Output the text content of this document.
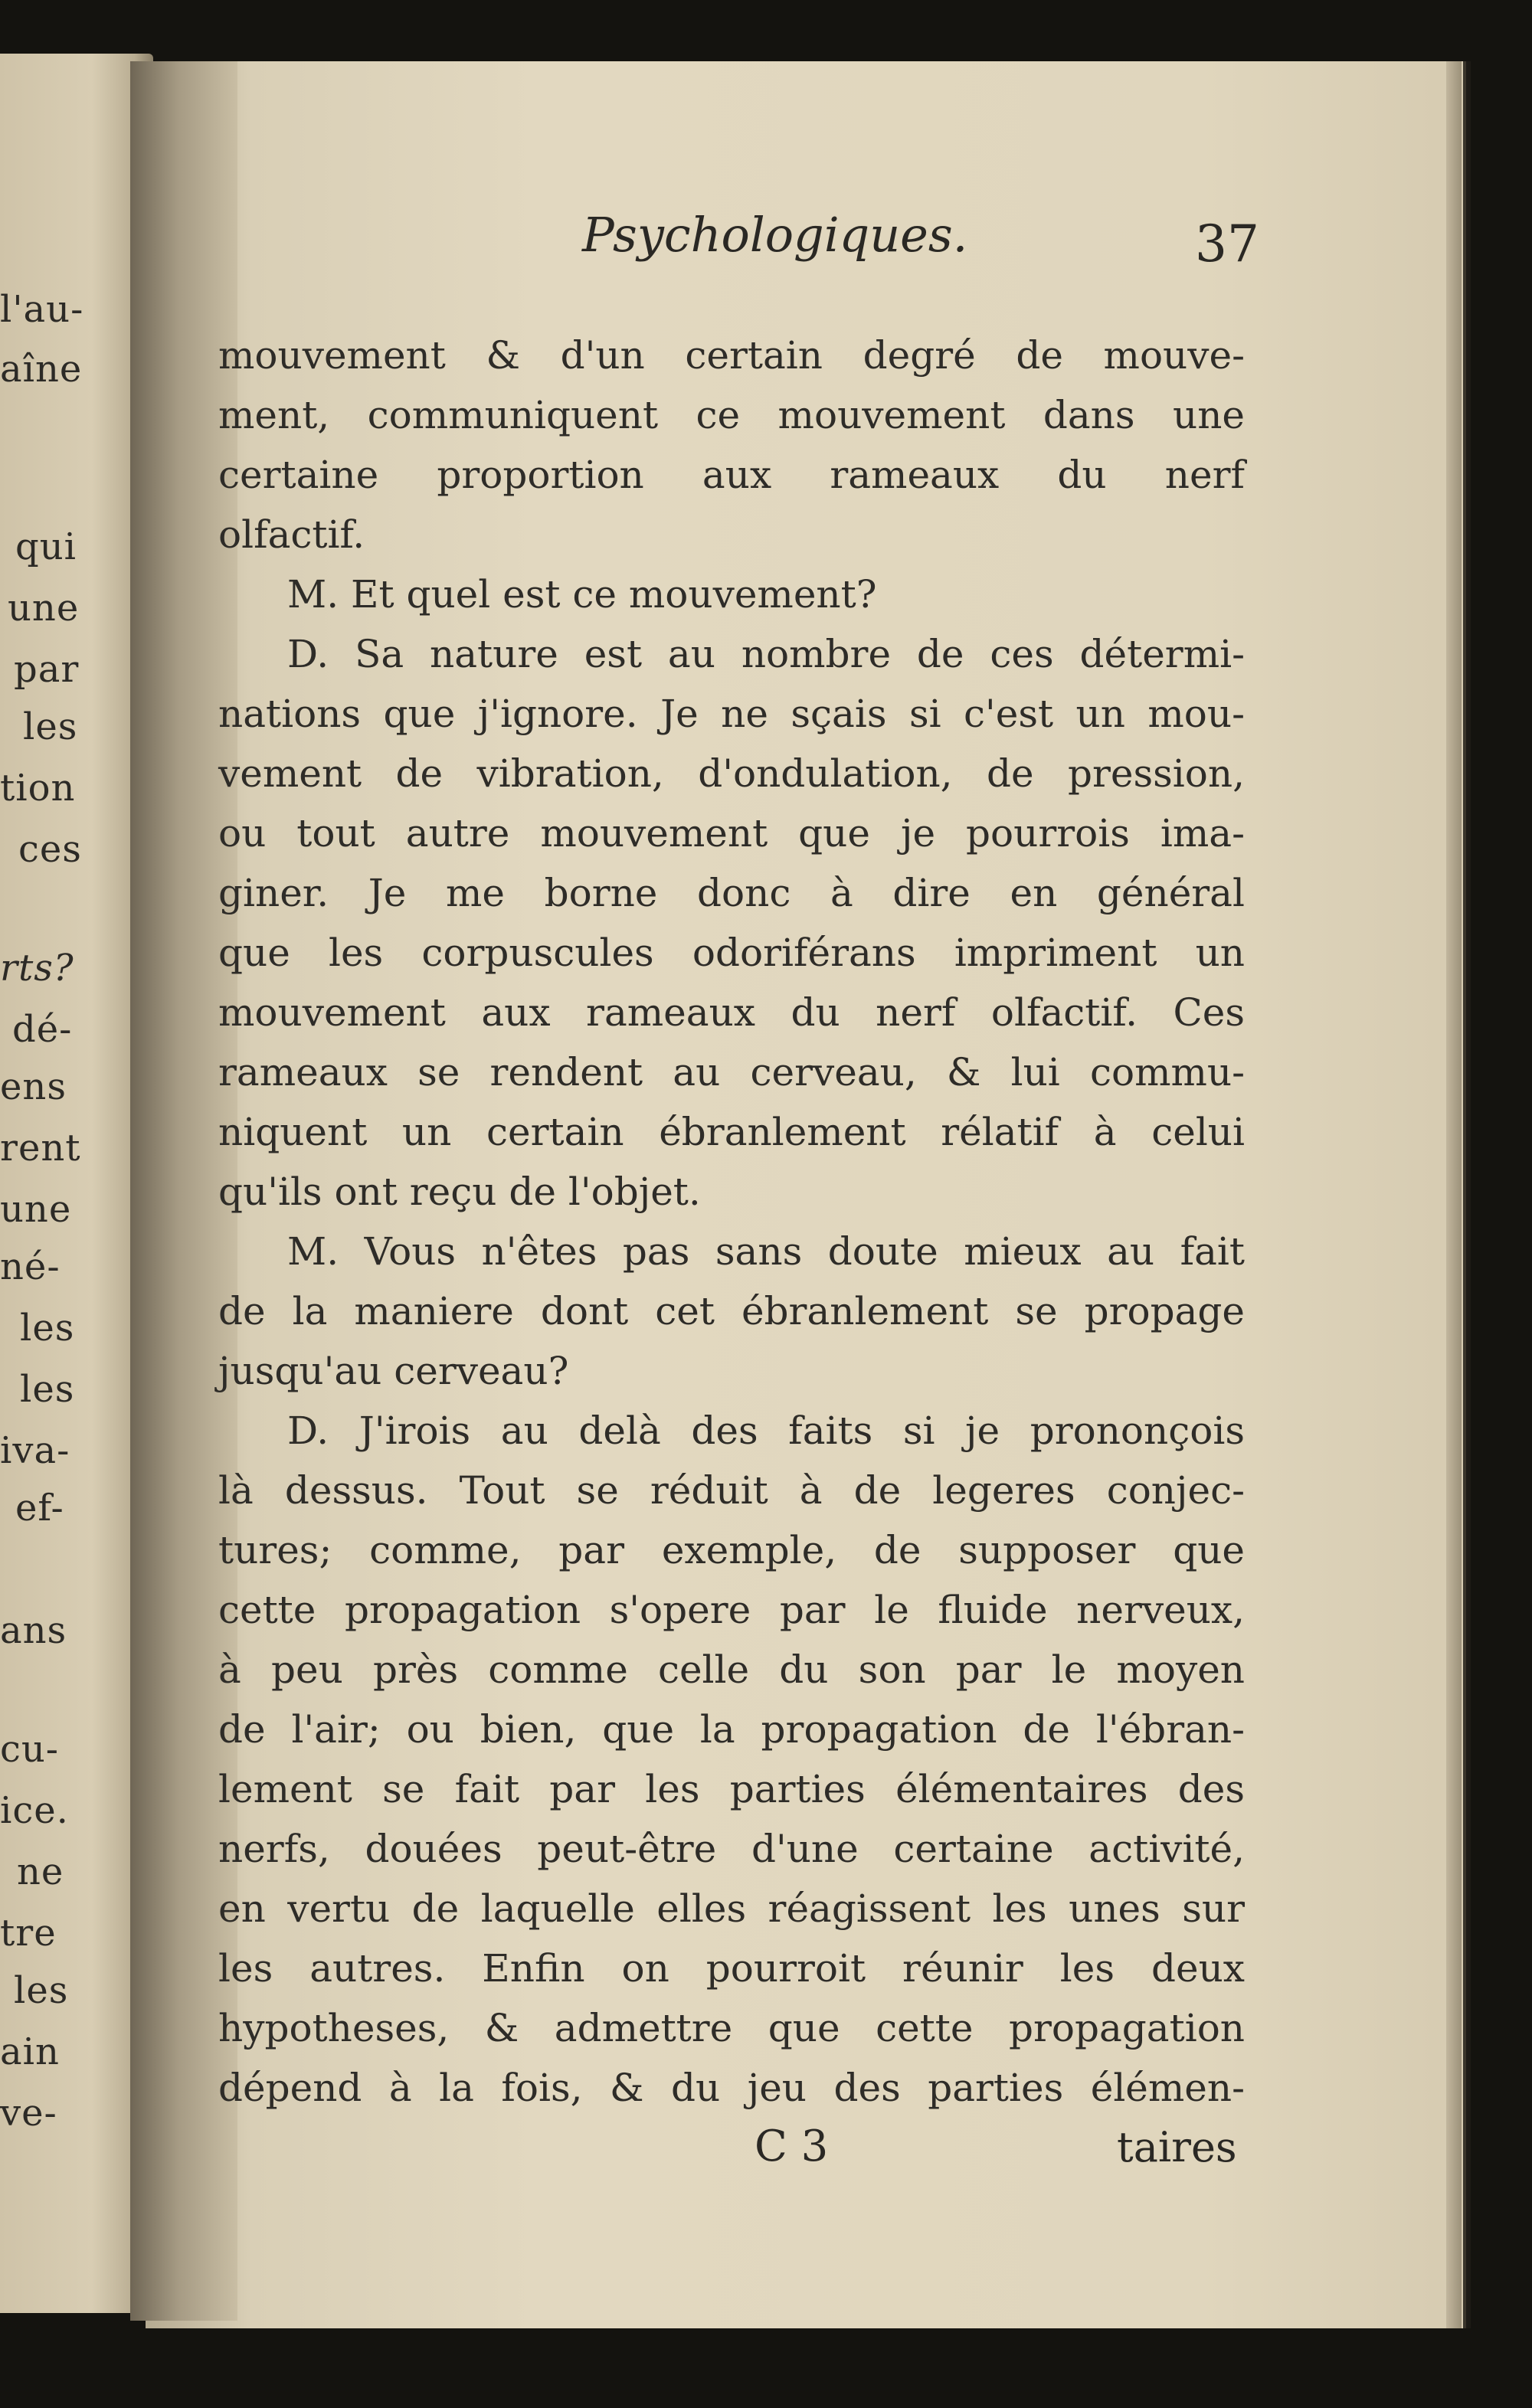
l'au-
aîne
qui
une
par
les
tion
ces
rts?
dé-
ens
rent
une
né-
les
les
iva-
ef-
ans
cu-
ice.
ne
tre
les
ain
ve-
Psychologiques.	37
mouvement & d'un certain degré de mouve-
ment, communiquent ce mouvement dans une
certaine proportion aux rameaux du nerf
olfactif.
M. Et quel est ce mouvement?
D. Sa nature est au nombre de ces détermi-
nations que j'ignore. Je ne sçais si c'est un mou-
vement de vibration, d'ondulation, de pression,
ou tout autre mouvement que je pourrois ima-
giner. Je me borne donc à dire en général
que les corpuscules odoriférans impriment un
mouvement aux rameaux du nerf olfactif. Ces
rameaux se rendent au cerveau, & lui commu-
niquent un certain ébranlement rélatif à celui
qu'ils ont reçu de l'objet.
M. Vous n'êtes pas sans doute mieux au fait
de la maniere dont cet ébranlement se propage
jusqu'au cerveau?
D. J'irois au delà des faits si je prononçois
là dessus. Tout se réduit à de legeres conjec-
tures; comme, par exemple, de supposer que
cette propagation s'opere par le fluide nerveux,
à peu près comme celle du son par le moyen
de l'air; ou bien, que la propagation de l'ébran-
lement se fait par les parties élémentaires des
nerfs, douées peut-être d'une certaine activité,
en vertu de laquelle elles réagissent les unes sur
les autres. Enfin on pourroit réunir les deux
hypotheses, & admettre que cette propagation
dépend à la fois, & du jeu des parties élémen-
C 3	taires
